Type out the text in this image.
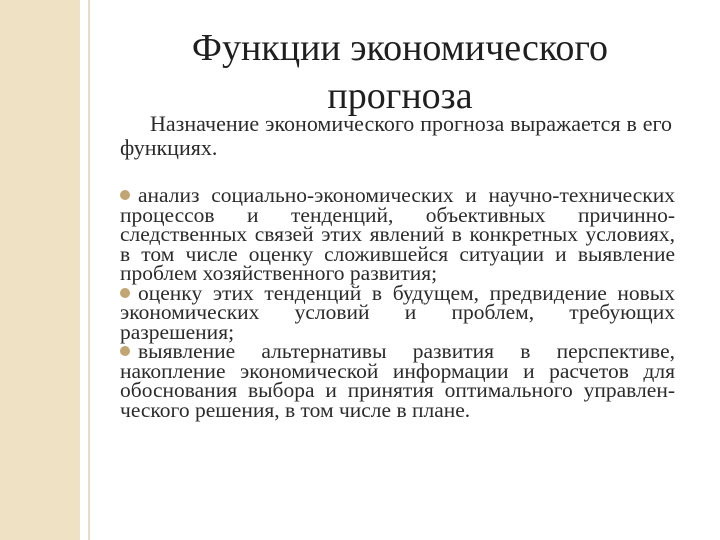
Функции экономического прогноза
Назначение экономического прогноза выражается в его функциях.
анализ социально-экономических и научно-технических процессов и тенденций, объективных причинно-следственных связей этих явлений в конкретных условиях, в том числе оценку сложившейся ситуации и выявление проблем хозяйственного развития;
оценку этих тенденций в будущем, предвидение новых экономических условий и проблем, требующих разрешения;
выявление альтернативы развития в перспективе, накопление экономической информации и расчетов для обоснования выбора и принятия оптимального управлен-ческого решения, в том числе в плане.
